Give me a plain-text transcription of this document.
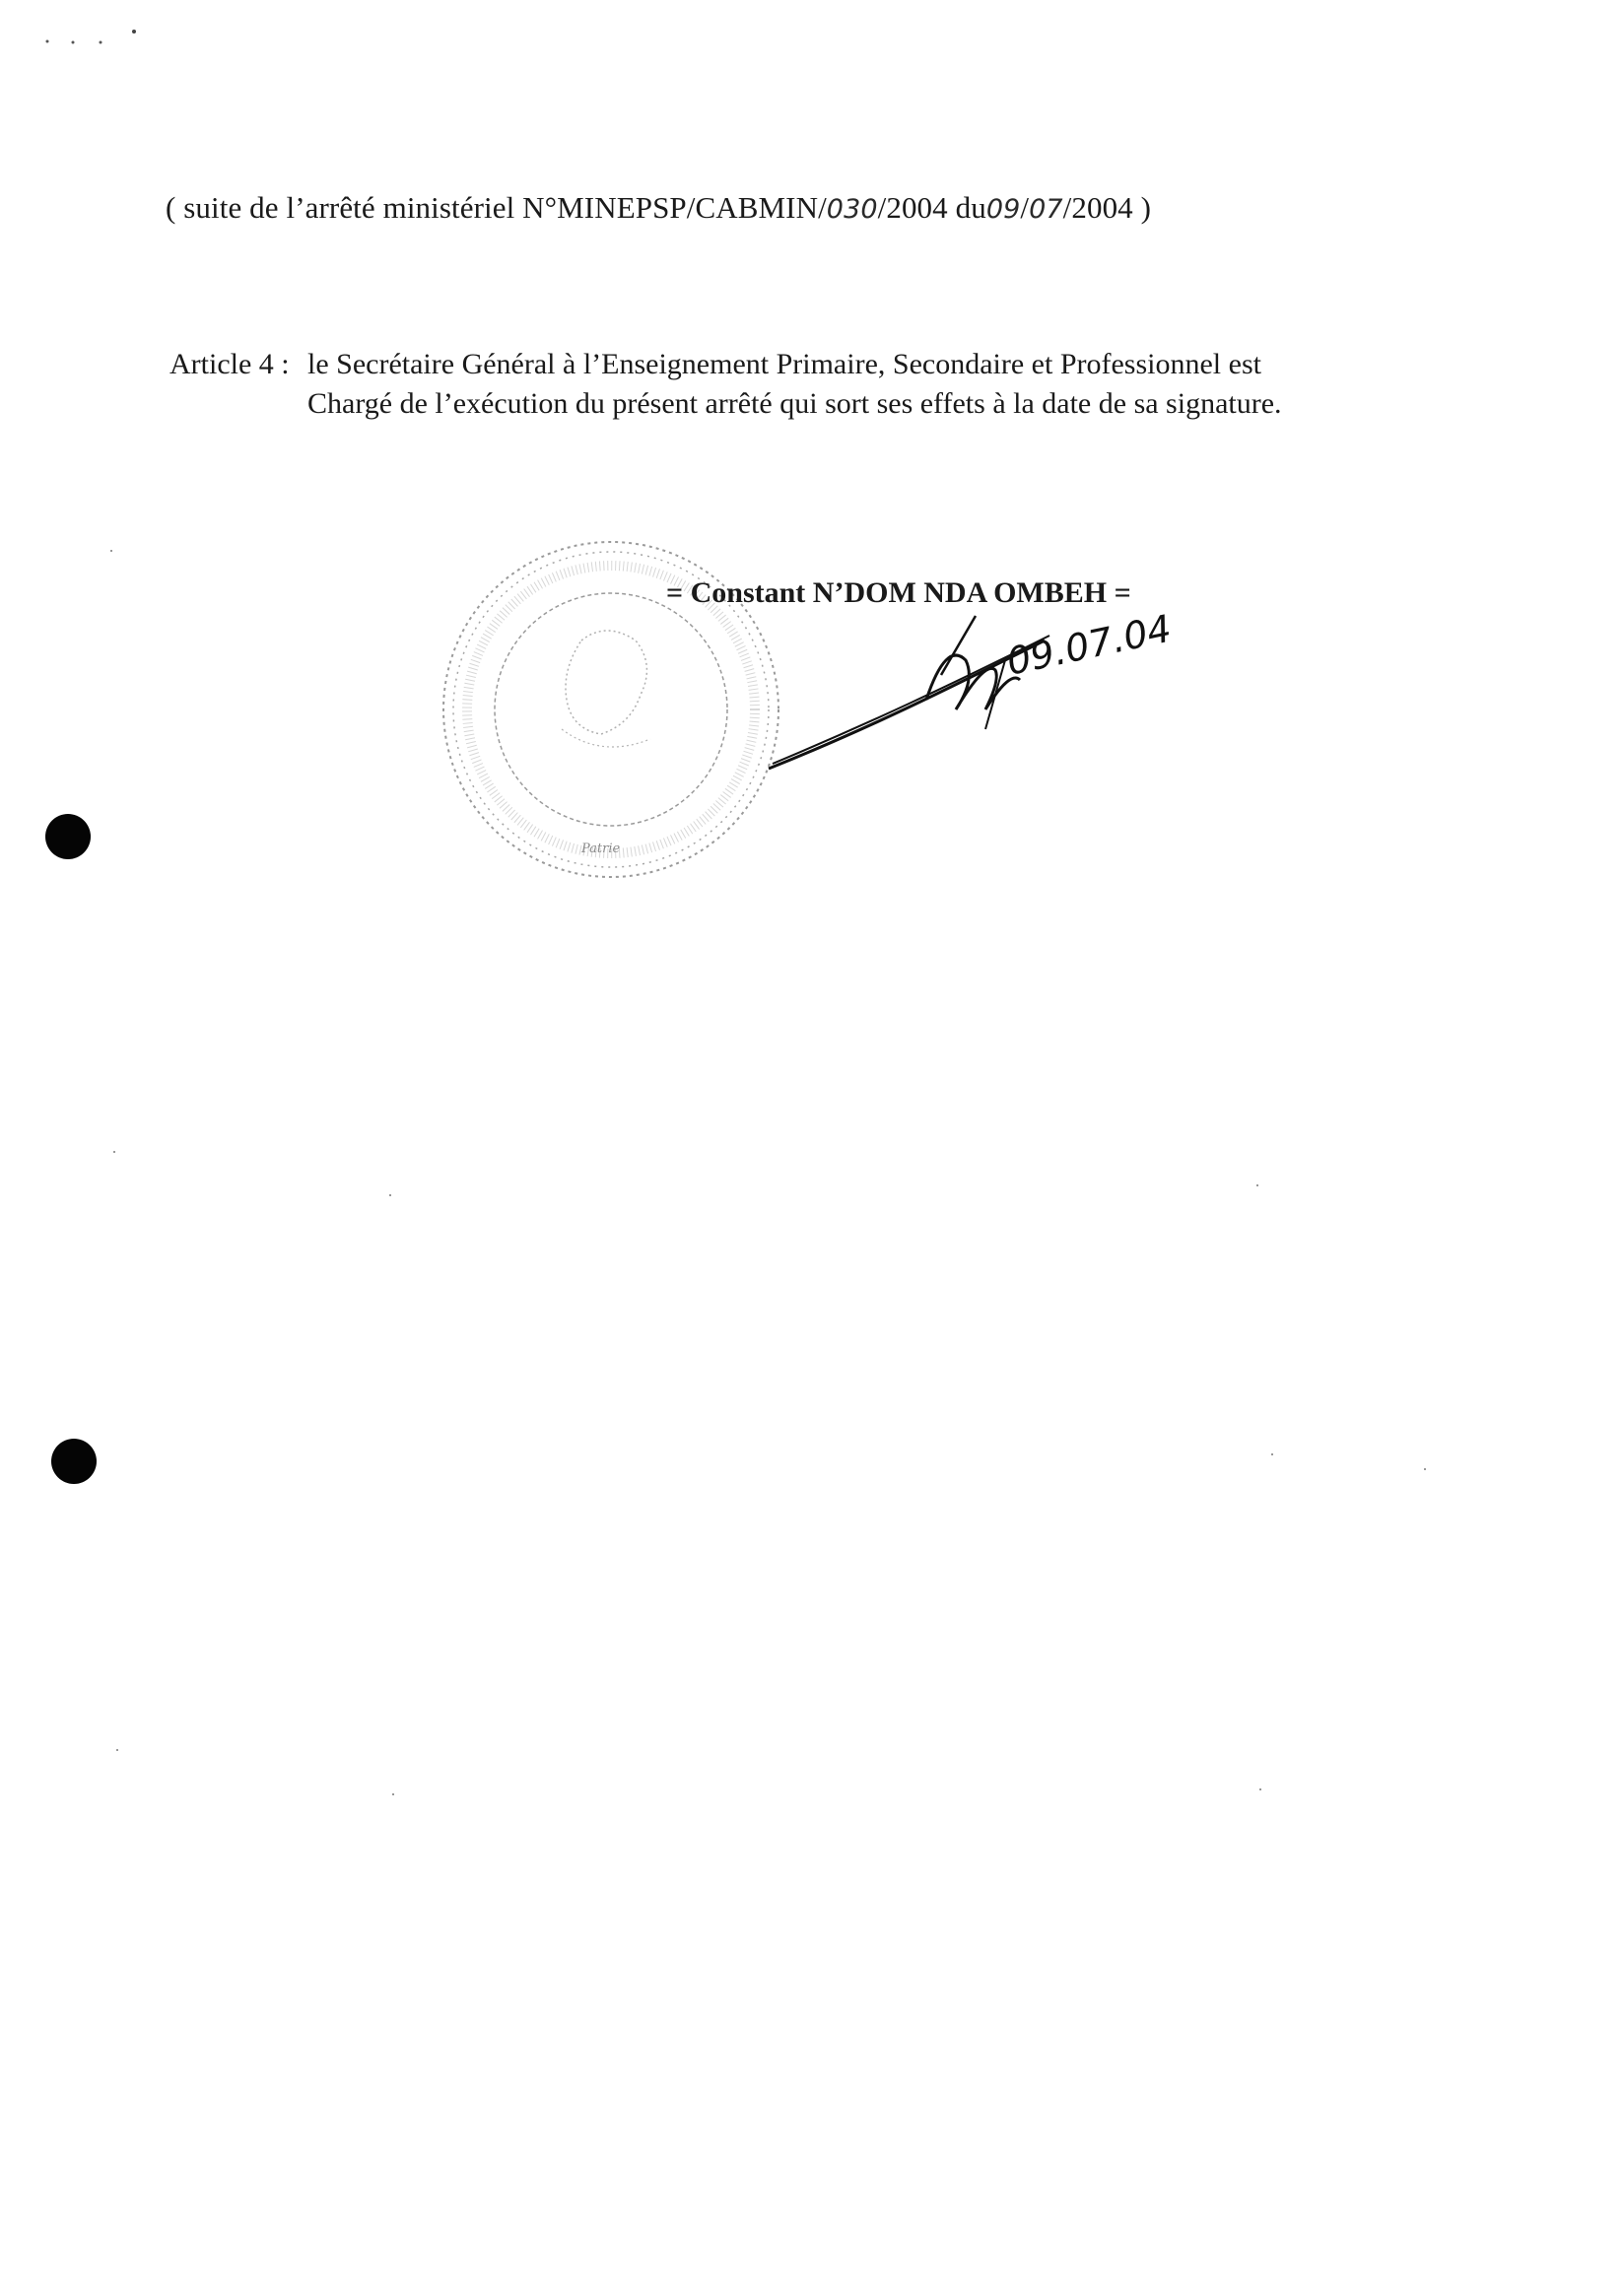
( suite de l’arrêté ministériel N°MINEPSP/CABMIN/030/2004 du09/07/2004 )
Article 4 : le Secrétaire Général à l’Enseignement Primaire, Secondaire et Professionnel est
Chargé de l’exécution du présent arrêté qui sort ses effets à la date de sa signature.
Patrie
= Constant N’DOM NDA OMBEH =
09.07.04
